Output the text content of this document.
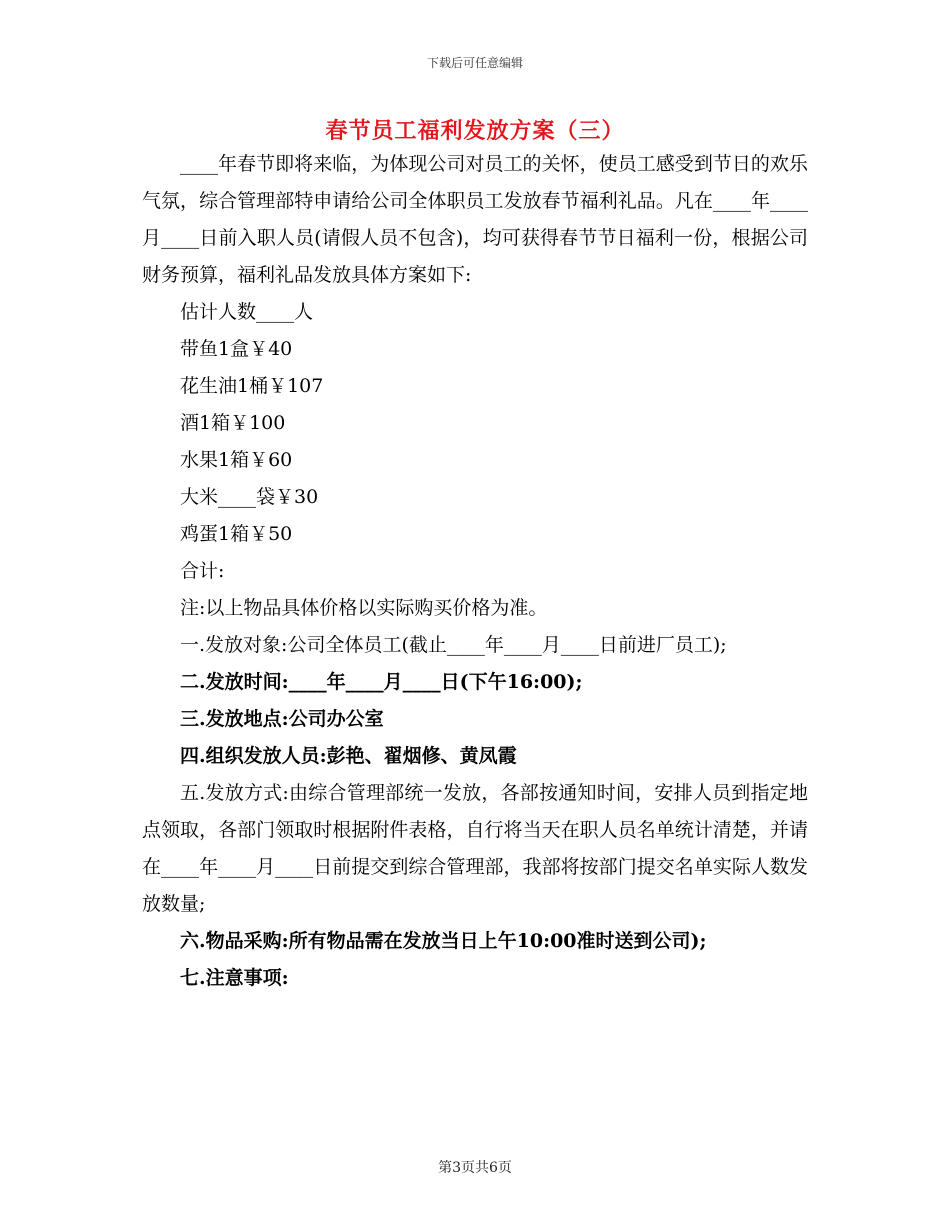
下载后可任意编辑
春节员工福利发放方案（三）

____年春节即将来临，为体现公司对员工的关怀，使员工感受到节日的欢乐气氛，综合管理部特申请给公司全体职员工发放春节福利礼品。凡在____年____月____日前入职人员(请假人员不包含)，均可获得春节节日福利一份，根据公司财务预算，福利礼品发放具体方案如下:

估计人数____人

带鱼1盒￥40

花生油1桶￥107

酒1箱￥100

水果1箱￥60

大米____袋￥30

鸡蛋1箱￥50

合计:

注:以上物品具体价格以实际购买价格为准。

一.发放对象:公司全体员工(截止____年____月____日前进厂员工);

二.发放时间:____年____月____日(下午16:00);

三.发放地点:公司办公室

四.组织发放人员:彭艳、翟烟修、黄凤霞

五.发放方式:由综合管理部统一发放，各部按通知时间，安排人员到指定地点领取，各部门领取时根据附件表格，自行将当天在职人员名单统计清楚，并请在____年____月____日前提交到综合管理部，我部将按部门提交名单实际人数发放数量;

六.物品采购:所有物品需在发放当日上午10:00准时送到公司);

七.注意事项:

第3页共6页
